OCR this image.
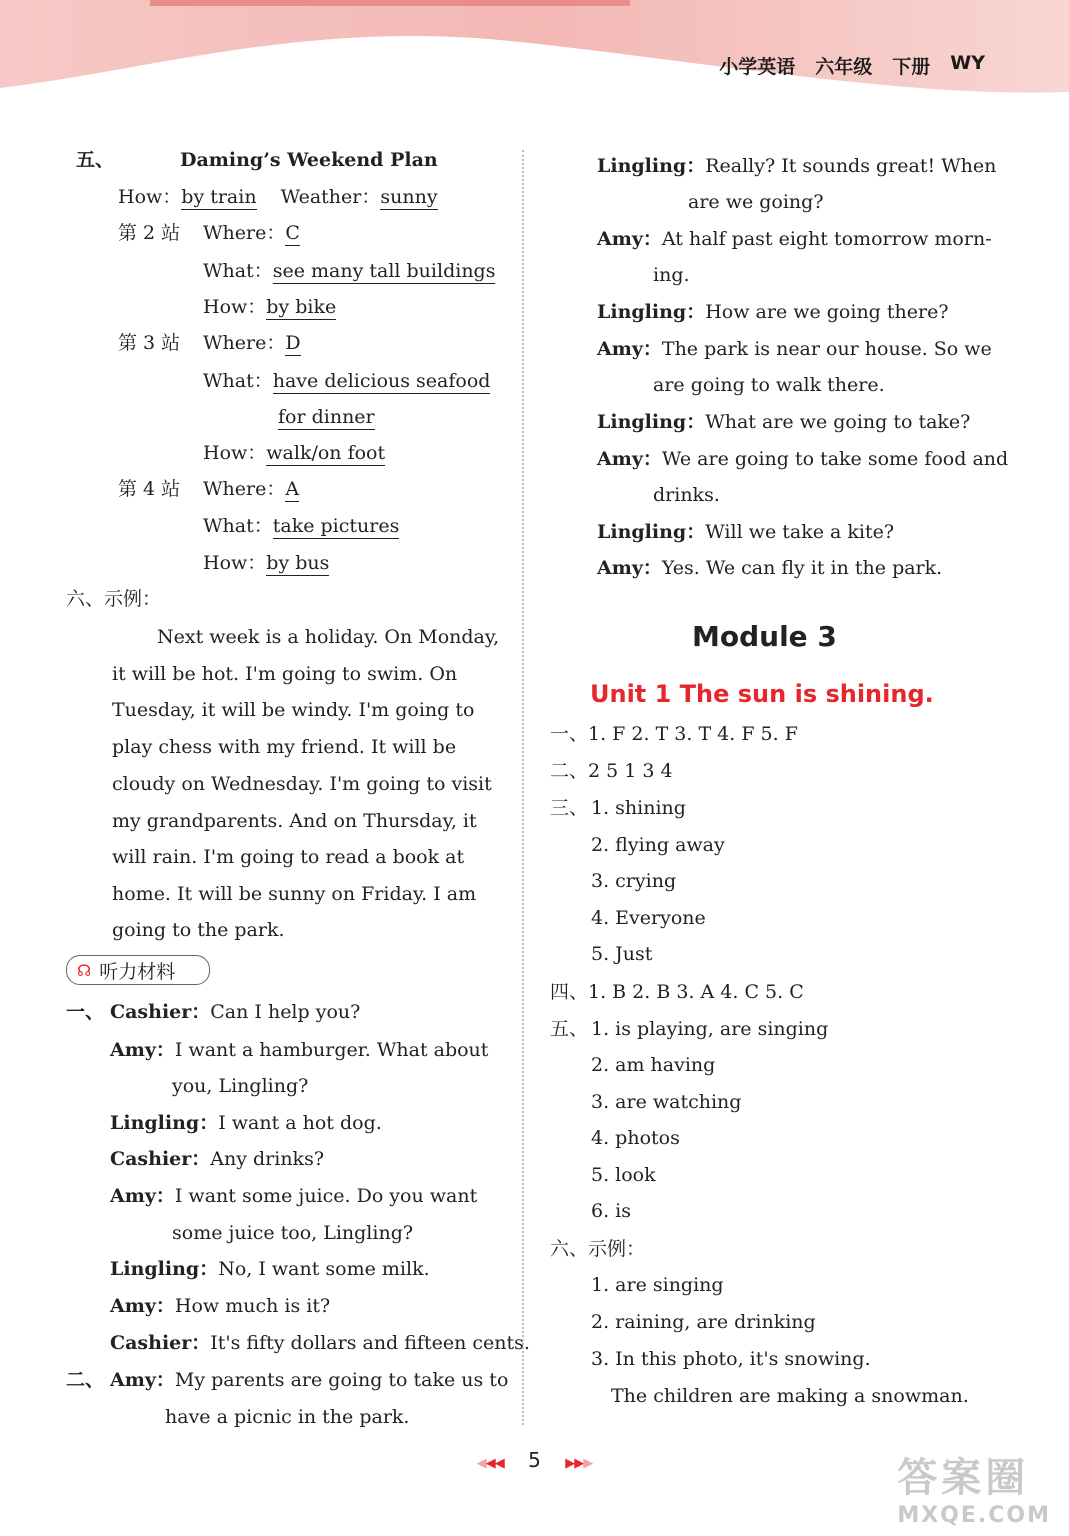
小学英语 六年级 下册 WY
五、	Daming’s Weekend Plan
How：by train Weather：sunny
第 2 站 Where：C
What：see many tall buildings
How：by bike
第 3 站 Where：D
What：have delicious seafood
for dinner
How：walk/on foot
第 4 站 Where：A
What：take pictures
How：by bus
六、示例：
Next week is a holiday. On Monday,
it will be hot. I'm going to swim. On
Tuesday, it will be windy. I'm going to
play chess with my friend. It will be
cloudy on Wednesday. I'm going to visit
my grandparents. And on Thursday, it
will rain. I'm going to read a book at
home. It will be sunny on Friday. I am
going to the park.
☊ 听力材料
一、 Cashier：Can I help you?
Amy：I want a hamburger. What about
you, Lingling?
Lingling：I want a hot dog.
Cashier：Any drinks?
Amy：I want some juice. Do you want
some juice too, Lingling?
Lingling：No, I want some milk.
Amy：How much is it?
Cashier：It's fifty dollars and fifteen cents.
二、 Amy：My parents are going to take us to
have a picnic in the park.
Lingling：Really? It sounds great! When
are we going?
Amy：At half past eight tomorrow morn-
ing.
Lingling：How are we going there?
Amy：The park is near our house. So we
are going to walk there.
Lingling：What are we going to take?
Amy：We are going to take some food and
drinks.
Lingling：Will we take a kite?
Amy：Yes. We can fly it in the park.
Module 3
Unit 1 The sun is shining.
一、1. F 2. T 3. T 4. F 5. F
二、2 5 1 3 4
三、 1. shining
2. flying away
3. crying
4. Everyone
5. Just
四、1. B 2. B 3. A 4. C 5. C
五、 1. is playing, are singing
2. am having
3. are watching
4. photos
5. look
6. is
六、示例：
1. are singing
2. raining, are drinking
3. In this photo, it's snowing.
The children are making a snowman.
◀◀◀ 5 ▶▶▶	答案圈
MXQE.COM
